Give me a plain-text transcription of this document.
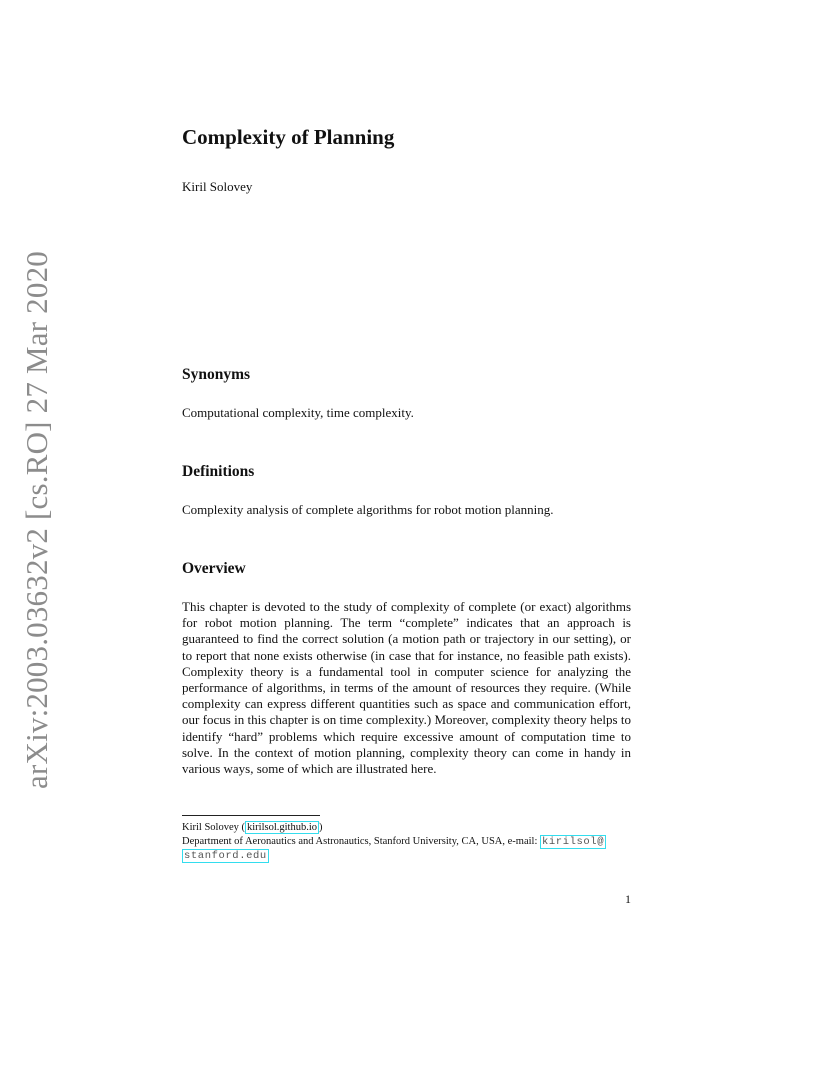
arXiv:2003.03632v2 [cs.RO] 27 Mar 2020
Complexity of Planning
Kiril Solovey
Synonyms

Computational complexity, time complexity.

Definitions

Complexity analysis of complete algorithms for robot motion planning.

Overview

This chapter is devoted to the study of complexity of complete (or exact) algorithms for robot motion planning. The term “complete” indicates that an approach is guaranteed to find the correct solution (a motion path or trajectory in our setting), or to report that none exists otherwise (in case that for instance, no feasible path exists). Complexity theory is a fundamental tool in computer science for analyzing the performance of algorithms, in terms of the amount of resources they require. (While complexity can express different quantities such as space and communication effort, our focus in this chapter is on time complexity.) Moreover, complexity theory helps to identify “hard” problems which require excessive amount of computation time to solve. In the context of motion planning, complexity theory can come in handy in various ways, some of which are illustrated here.

Kiril Solovey ( kirilsol.github.io )
Department of Aeronautics and Astronautics, Stanford University, CA, USA, e-mail: kirilsol@
stanford.edu
1
